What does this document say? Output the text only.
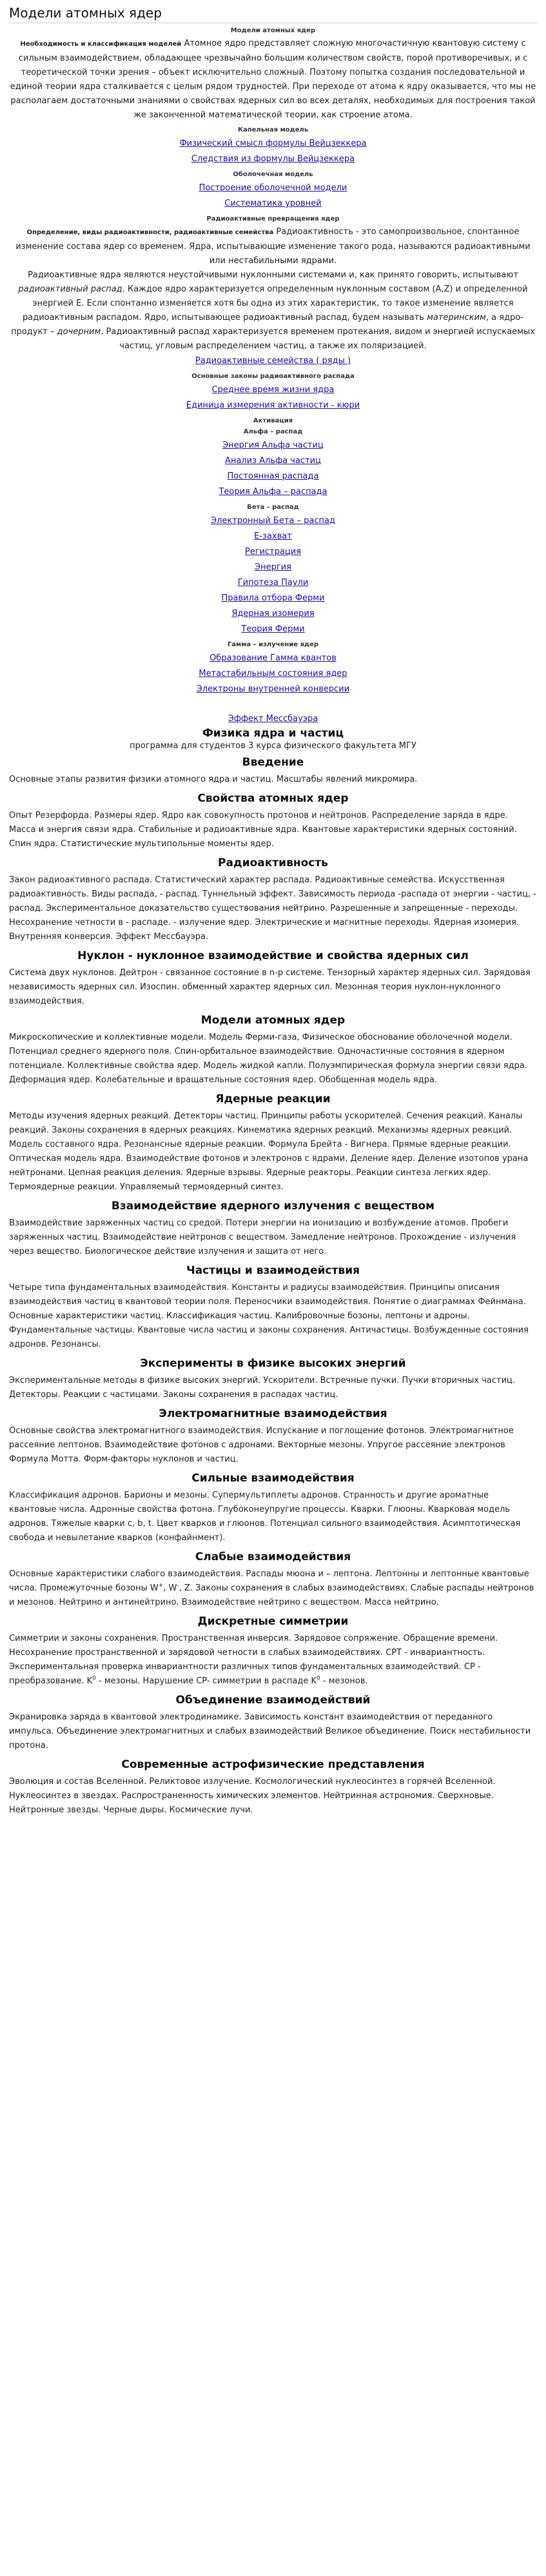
Модели атомных ядер
Модели атомных ядер

Необходимость и классификация моделей Атомное ядро представляет сложную многочастичную квантовую систему с сильным взаимодействием, обладающее чрезвычайно большим количеством свойств, порой противоречивых, и с теоретической точки зрения – объект исключительно сложный. Поэтому попытка создания последовательной и единой теории ядра сталкивается с целым рядом трудностей. При переходе от атома к ядру оказывается, что мы не располагаем достаточными знаниями о свойствах ядерных сил во всех деталях, необходимых для построения такой же законченной математической теории, как строение атома.

Капельная модель
Физический смысл формулы Вейцзеккера
Следствия из формулы Вейцзеккера
Оболочечная модель
Построение оболочечной модели
Систематика уровней
Радиоактивные превращения ядер

Определение, виды радиоактивности, радиоактивные семейства Радиоактивность - это самопроизвольное, спонтанное изменение состава ядер со временем. Ядра, испытывающие изменение такого рода, называются радиоактивными или нестабильными ядрами.

Радиоактивные ядра являются неустойчивыми нуклонными системами и, как принято говорить, испытывают радиоактивный распад. Каждое ядро характеризуется определенным нуклонным составом (A,Z) и определенной энергией E. Если спонтанно изменяется хотя бы одна из этих характеристик, то такое изменение является радиоактивным распадом. Ядро, испытывающее радиоактивный распад, будем называть материнским, а ядро-продукт – дочерним. Радиоактивный распад характеризуется временем протекания, видом и энергией испускаемых частиц, угловым распределением частиц, а также их поляризацией.

Радиоактивные семейства ( ряды )
Основные законы радиоактивного распада
Среднее время жизни ядра
Единица измерения активности - кюри
Активация
Альфа – распад
Энергия Альфа частиц
Анализ Альфа частиц
Постоянная распада
Теория Альфа – распада
Бета – распад
Электронный Бета – распад
Е-захват
Регистрация
Энергия
Гипотеза Паули
Правила отбора Ферми
Ядерная изомерия
Теория Ферми
Гамма – излучение ядер
Образование Гамма квантов
Метастабильным состояния ядер
Электроны внутренней конверсии
Эффект Мессбауэра
Физика ядра и частиц
программа для студентов 3 курса физического факультета МГУ
Введение

Основные этапы развития физики атомного ядра и частиц. Масштабы явлений микромира.

Свойства атомных ядер

Опыт Резерфорда. Размеры ядер. Ядро как совокупность протонов и нейтронов. Распределение заряда в ядре. Масса и энергия связи ядра. Стабильные и радиоактивные ядра. Квантовые характеристики ядерных состояний. Спин ядра. Статистические мультипольные моменты ядер.

Радиоактивность

Закон радиоактивного распада. Статистический характер распада. Радиоактивные семейства. Искусственная радиоактивность. Виды распада, - распад. Туннельный эффект. Зависимость периода -распада от энергии - частиц, - распад. Экспериментальное доказательство существования нейтрино. Разрешенные и запрещенные - переходы. Несохранение четности в - распаде. - излучение ядер. Электрические и магнитные переходы. Ядерная изомерия. Внутренняя конверсия. Эффект Мессбауэра.

Нуклон - нуклонное взаимодействие и свойства ядерных сил

Система двух нуклонов. Дейтрон - связанное состояние в n-p системе. Тензорный характер ядерных сил. Зарядовая независимость ядерных сил. Изоспин. обменный характер ядерных сил. Мезонная теория нуклон-нуклонного взаимодействия.

Модели атомных ядер

Микроскопические и коллективные модели. Модель Ферми-газа, Физическое обоснование оболочечной модели. Потенциал среднего ядерного поля. Спин-орбитальное взаимодействие. Одночастичные состояния в ядерном потенциале. Коллективные свойства ядер. Модель жидкой капли. Полуэмпирическая формула энергии связи ядра. Деформация ядер. Колебательные и вращательные состояния ядер. Обобщенная модель ядра.

Ядерные реакции

Методы изучения ядерных реакций. Детекторы частиц. Принципы работы ускорителей. Сечения реакций. Каналы реакций. Законы сохранения в ядерных реакциях. Кинематика ядерных реакций. Механизмы ядерных реакций. Модель составного ядра. Резонансные ядерные реакции. Формула Брейта - Вигнера. Прямые ядерные реакции. Оптическая модель ядра. Взаимодействие фотонов и электронов с ядрами. Деление ядер. Деление изотопов урана нейтронами. Цепная реакция деления. Ядерные взрывы. Ядерные реакторы. Реакции синтеза легких ядер. Термоядерные реакции. Управляемый термоядерный синтез.

Взаимодействие ядерного излучения с веществом

Взаимодействие заряженных частиц со средой. Потери энергии на ионизацию и возбуждение атомов. Пробеги заряженных частиц. Взаимодействие нейтронов с веществом. Замедление нейтронов. Прохождение - излучения через вещество. Биологическое действие излучения и защита от него.

Частицы и взаимодействия

Четыре типа фундаментальных взаимодействия. Константы и радиусы взаимодействия. Принципы описания взаимодействия частиц в квантовой теории поля. Переносчики взаимодействия. Понятие о диаграммах Фейнмана. Основные характеристики частиц. Классификация частиц. Калибровочные бозоны, лептоны и адроны. Фундаментальные частицы. Квантовые числа частиц и законы сохранения. Античастицы. Возбужденные состояния адронов. Резонансы.

Эксперименты в физике высоких энергий

Экспериментальные методы в физике высоких энергий. Ускорители. Встречные пучки. Пучки вторичных частиц. Детекторы. Реакции с частицами. Законы сохранения в распадах частиц.

Электромагнитные взаимодействия

Основные свойства электромагнитного взаимодействия. Испускание и поглощение фотонов. Электромагнитное рассеяние лептонов. Взаимодействие фотонов с адронами. Векторные мезоны. Упругое рассеяние электронов Формула Мотта. Форм-факторы нуклонов и частиц.

Сильные взаимодействия

Классификация адронов. Барионы и мезоны. Супермультиплеты адронов. Странность и другие ароматные квантовые числа. Адронные свойства фотона. Глубоконеупругие процессы. Кварки. Глюоны. Кварковая модель адронов. Тяжелые кварки c, b, t. Цвет кварков и глюонов. Потенциал сильного взаимодействия. Асимптотическая свобода и невылетание кварков (конфайнмент).

Слабые взаимодействия

Основные характеристики слабого взаимодействия. Распады мюона и – лептона. Лептонны и лептонные квантовые числа. Промежуточные бозоны W+, W-, Z. Законы сохранения в слабых взаимодействиях. Слабые распады нейтронов и мезонов. Нейтрино и антинейтрино. Взаимодействие нейтрино с веществом. Масса нейтрино.

Дискретные симметрии

Симметрии и законы сохранения. Пространственная инверсия. Зарядовое сопряжение. Обращение времени. Несохранение пространственной и зарядовой четности в слабых взаимодействиях. CPT - инвариантность. Экспериментальная проверка инвариантности различных типов фундаментальных взаимодействий. CP - преобразование. $K^0$ - мезоны. Нарушение CP- симметрии в распаде $K^0$ - мезонов.

Объединение взаимодействий

Экранировка заряда в квантовой электродинамике. Зависимость констант взаимодействия от переданного импульса. Объединение электромагнитных и слабых взаимодействий Великое объединение. Поиск нестабильности протона.

Современные астрофизические представления

Эволюция и состав Вселенной. Реликтовое излучение. Космологический нуклеосинтез в горячей Вселенной. Нуклеосинтез в звездах. Распространенность химических элементов. Нейтринная астрономия. Сверхновые. Нейтронные звезды. Черные дыры. Космические лучи.
